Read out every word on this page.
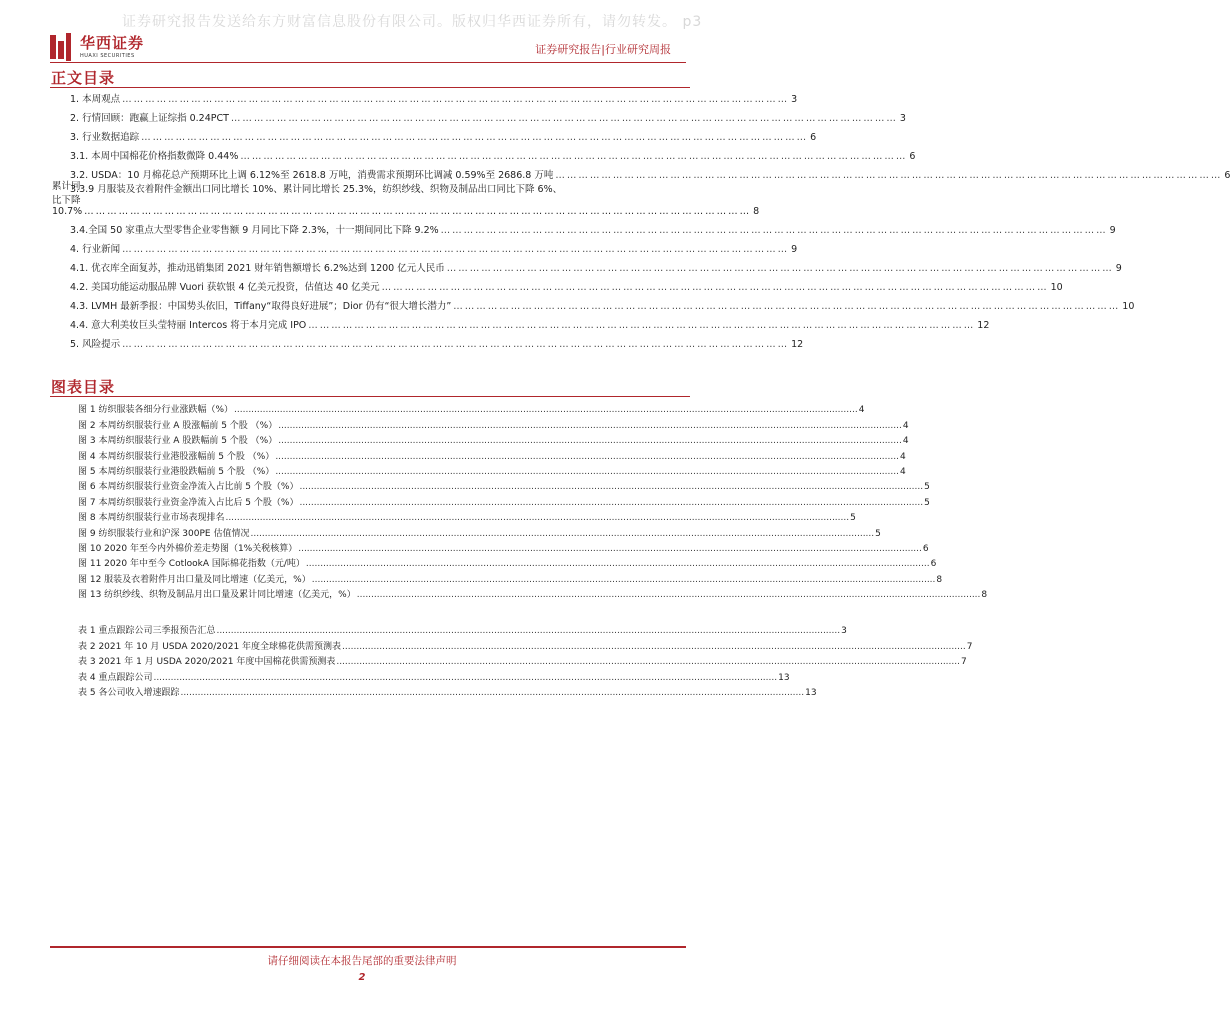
证券研究报告发送给东方财富信息股份有限公司。版权归华西证券所有，请勿转发。 p3
华西证券
HUAXI SECURITIES	证券研究报告|行业研究周报
正文目录
1. 本周观点 ………………………………………………………………………………………………………………………………………………………… 3
2. 行情回顾：跑赢上证综指 0.24PCT ………………………………………………………………………………………………………………………………………………………… 3
3. 行业数据追踪 ………………………………………………………………………………………………………………………………………………………… 6
3.1. 本周中国棉花价格指数微降 0.44% ………………………………………………………………………………………………………………………………………………………… 6
3.2. USDA：10 月棉花总产预期环比上调 6.12%至 2618.8 万吨，消费需求预期环比调减 0.59%至 2686.8 万吨 ………………………………………………………………………………………………………………………………………………………… 6
3.3.9 月服装及衣着附件金额出口同比增长 10%、累计同比增长 25.3%，纺织纱线、织物及制品出口同比下降 6%、
累计同比下降 10.7% ………………………………………………………………………………………………………………………………………………………… 8
3.4.全国 50 家重点大型零售企业零售额 9 月同比下降 2.3%，十一期间同比下降 9.2% ………………………………………………………………………………………………………………………………………………………… 9
4. 行业新闻 ………………………………………………………………………………………………………………………………………………………… 9
4.1. 优衣库全面复苏，推动迅销集团 2021 财年销售额增长 6.2%达到 1200 亿元人民币 ………………………………………………………………………………………………………………………………………………………… 9
4.2. 美国功能运动服品牌 Vuori 获软银 4 亿美元投资，估值达 40 亿美元 ………………………………………………………………………………………………………………………………………………………… 10
4.3. LVMH 最新季报：中国势头依旧，Tiffany“取得良好进展”；Dior 仍有“很大增长潜力” ………………………………………………………………………………………………………………………………………………………… 10
4.4. 意大利美妆巨头莹特丽 Intercos 将于本月完成 IPO ………………………………………………………………………………………………………………………………………………………… 12
5. 风险提示 ………………………………………………………………………………………………………………………………………………………… 12
图表目录
图 1 纺织服装各细分行业涨跌幅（%） .......................................................................................................................................................................................................................... 4
图 2 本周纺织服装行业 A 股涨幅前 5 个股 （%） .......................................................................................................................................................................................................................... 4
图 3 本周纺织服装行业 A 股跌幅前 5 个股 （%） .......................................................................................................................................................................................................................... 4
图 4 本周纺织服装行业港股涨幅前 5 个股 （%） .......................................................................................................................................................................................................................... 4
图 5 本周纺织服装行业港股跌幅前 5 个股 （%） .......................................................................................................................................................................................................................... 4
图 6 本周纺织服装行业资金净流入占比前 5 个股（%） .......................................................................................................................................................................................................................... 5
图 7 本周纺织服装行业资金净流入占比后 5 个股（%） .......................................................................................................................................................................................................................... 5
图 8 本周纺织服装行业市场表现排名 .......................................................................................................................................................................................................................... 5
图 9 纺织服装行业和沪深 300PE 估值情况 .......................................................................................................................................................................................................................... 5
图 10 2020 年至今内外棉价差走势图（1%关税核算） .......................................................................................................................................................................................................................... 6
图 11 2020 年中至今 CotlookA 国际棉花指数（元/吨） .......................................................................................................................................................................................................................... 6
图 12 服装及衣着附件月出口量及同比增速（亿美元，%） .......................................................................................................................................................................................................................... 8
图 13 纺织纱线、织物及制品月出口量及累计同比增速（亿美元，%） .......................................................................................................................................................................................................................... 8
表 1 重点跟踪公司三季报预告汇总 .......................................................................................................................................................................................................................... 3
表 2 2021 年 10 月 USDA 2020/2021 年度全球棉花供需预测表 .......................................................................................................................................................................................................................... 7
表 3 2021 年 1 月 USDA 2020/2021 年度中国棉花供需预测表 .......................................................................................................................................................................................................................... 7
表 4 重点跟踪公司 .......................................................................................................................................................................................................................... 13
表 5 各公司收入增速跟踪 .......................................................................................................................................................................................................................... 13
请仔细阅读在本报告尾部的重要法律声明
2
